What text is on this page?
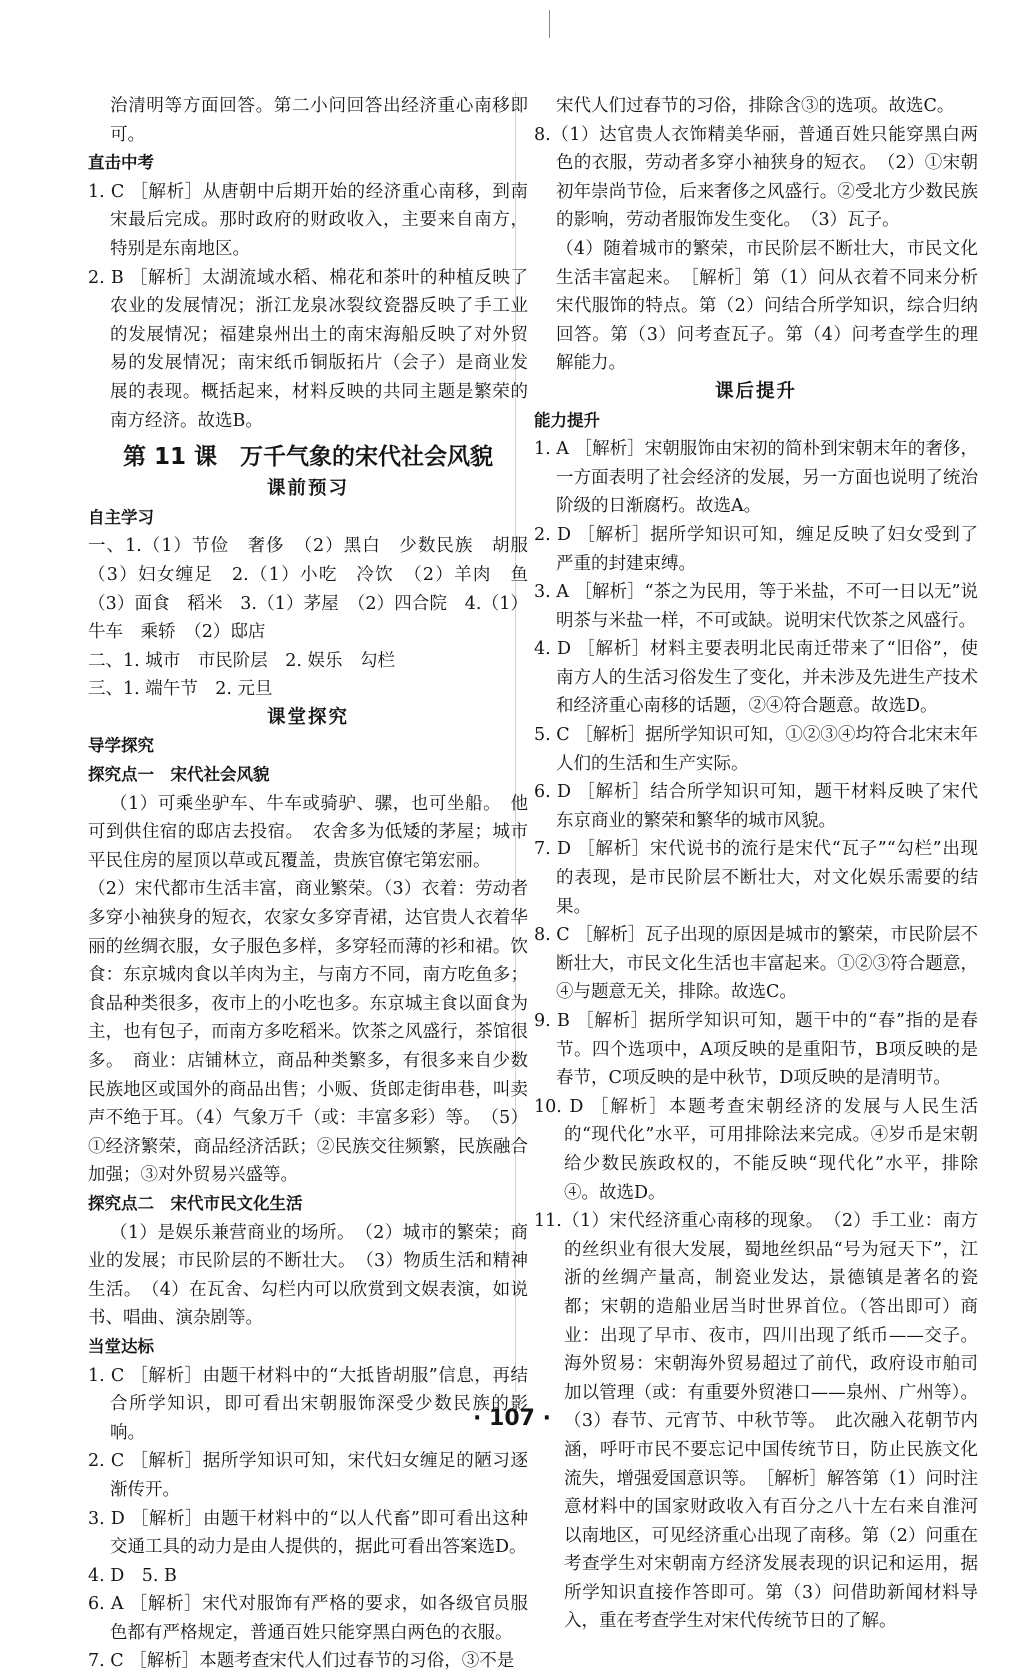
治清明等方面回答。第二小问回答出经济重心南移即可。

直击中考

1. C ［解析］从唐朝中后期开始的经济重心南移，到南宋最后完成。那时政府的财政收入，主要来自南方，特别是东南地区。

2. B ［解析］太湖流域水稻、棉花和茶叶的种植反映了农业的发展情况；浙江龙泉冰裂纹瓷器反映了手工业的发展情况；福建泉州出土的南宋海船反映了对外贸易的发展情况；南宋纸币铜版拓片（会子）是商业发展的表现。概括起来，材料反映的共同主题是繁荣的南方经济。故选B。

第 11 课　万千气象的宋代社会风貌

课前预习

自主学习

一、1.（1）节俭　奢侈　（2）黑白　少数民族　胡服　（3）妇女缠足　2.（1）小吃　冷饮　（2）羊肉　鱼　（3）面食　稻米　3.（1）茅屋　（2）四合院　4.（1）牛车　乘轿　（2）邸店

二、1. 城市　市民阶层　2. 娱乐　勾栏

三、1. 端午节　2. 元旦

课堂探究

导学探究

探究点一　宋代社会风貌

（1）可乘坐驴车、牛车或骑驴、骡，也可坐船。　他可到供住宿的邸店去投宿。　农舍多为低矮的茅屋；城市平民住房的屋顶以草或瓦覆盖，贵族官僚宅第宏丽。

（2）宋代都市生活丰富，商业繁荣。（3）衣着：劳动者多穿小袖狭身的短衣，农家女多穿青裙，达官贵人衣着华丽的丝绸衣服，女子服色多样，多穿轻而薄的衫和裙。饮食：东京城肉食以羊肉为主，与南方不同，南方吃鱼多；食品种类很多，夜市上的小吃也多。东京城主食以面食为主，也有包子，而南方多吃稻米。饮茶之风盛行，茶馆很多。　商业：店铺林立，商品种类繁多，有很多来自少数民族地区或国外的商品出售；小贩、货郎走街串巷，叫卖声不绝于耳。（4）气象万千（或：丰富多彩）等。　（5）①经济繁荣，商品经济活跃；②民族交往频繁，民族融合加强；③对外贸易兴盛等。

探究点二　宋代市民文化生活

（1）是娱乐兼营商业的场所。　（2）城市的繁荣；商业的发展；市民阶层的不断壮大。　（3）物质生活和精神生活。　（4）在瓦舍、勾栏内可以欣赏到文娱表演，如说书、唱曲、演杂剧等。

当堂达标

1. C ［解析］由题干材料中的“大抵皆胡服”信息，再结合所学知识，即可看出宋朝服饰深受少数民族的影响。

2. C ［解析］据所学知识可知，宋代妇女缠足的陋习逐渐传开。

3. D ［解析］由题干材料中的“以人代畜”即可看出这种交通工具的动力是由人提供的，据此可看出答案选D。

4. D　5. B

6. A ［解析］宋代对服饰有严格的要求，如各级官员服色都有严格规定，普通百姓只能穿黑白两色的衣服。

7. C ［解析］本题考查宋代人们过春节的习俗，③不是

宋代人们过春节的习俗，排除含③的选项。故选C。

8.（1）达官贵人衣饰精美华丽，普通百姓只能穿黑白两色的衣服，劳动者多穿小袖狭身的短衣。　（2）①宋朝初年崇尚节俭，后来奢侈之风盛行。②受北方少数民族的影响，劳动者服饰发生变化。　（3）瓦子。

（4）随着城市的繁荣，市民阶层不断壮大，市民文化生活丰富起来。　［解析］第（1）问从衣着不同来分析宋代服饰的特点。第（2）问结合所学知识，综合归纳回答。第（3）问考查瓦子。第（4）问考查学生的理解能力。

课后提升

能力提升

1. A ［解析］宋朝服饰由宋初的简朴到宋朝末年的奢侈，一方面表明了社会经济的发展，另一方面也说明了统治阶级的日渐腐朽。故选A。

2. D ［解析］据所学知识可知，缠足反映了妇女受到了严重的封建束缚。

3. A ［解析］“茶之为民用，等于米盐，不可一日以无”说明茶与米盐一样，不可或缺。说明宋代饮茶之风盛行。

4. D ［解析］材料主要表明北民南迁带来了“旧俗”，使南方人的生活习俗发生了变化，并未涉及先进生产技术和经济重心南移的话题，②④符合题意。故选D。

5. C ［解析］据所学知识可知，①②③④均符合北宋末年人们的生活和生产实际。

6. D ［解析］结合所学知识可知，题干材料反映了宋代东京商业的繁荣和繁华的城市风貌。

7. D ［解析］宋代说书的流行是宋代“瓦子”“勾栏”出现的表现，是市民阶层不断壮大，对文化娱乐需要的结果。

8. C ［解析］瓦子出现的原因是城市的繁荣，市民阶层不断壮大，市民文化生活也丰富起来。①②③符合题意，④与题意无关，排除。故选C。

9. B ［解析］据所学知识可知，题干中的“春”指的是春节。四个选项中，A项反映的是重阳节，B项反映的是春节，C项反映的是中秋节，D项反映的是清明节。

10. D ［解析］本题考查宋朝经济的发展与人民生活的“现代化”水平，可用排除法来完成。④岁币是宋朝给少数民族政权的，不能反映“现代化”水平，排除④。故选D。

11.（1）宋代经济重心南移的现象。　（2）手工业：南方的丝织业有很大发展，蜀地丝织品“号为冠天下”，江浙的丝绸产量高，制瓷业发达，景德镇是著名的瓷都；宋朝的造船业居当时世界首位。（答出即可）商业：出现了早市、夜市，四川出现了纸币——交子。海外贸易：宋朝海外贸易超过了前代，政府设市舶司加以管理（或：有重要外贸港口——泉州、广州等）。（3）春节、元宵节、中秋节等。　此次融入花朝节内涵，呼吁市民不要忘记中国传统节日，防止民族文化流失，增强爱国意识等。　［解析］解答第（1）问时注意材料中的国家财政收入有百分之八十左右来自淮河以南地区，可见经济重心出现了南移。第（2）问重在考查学生对宋朝南方经济发展表现的识记和运用，据所学知识直接作答即可。第（3）问借助新闻材料导入，重在考查学生对宋代传统节日的了解。

· 107 ·
